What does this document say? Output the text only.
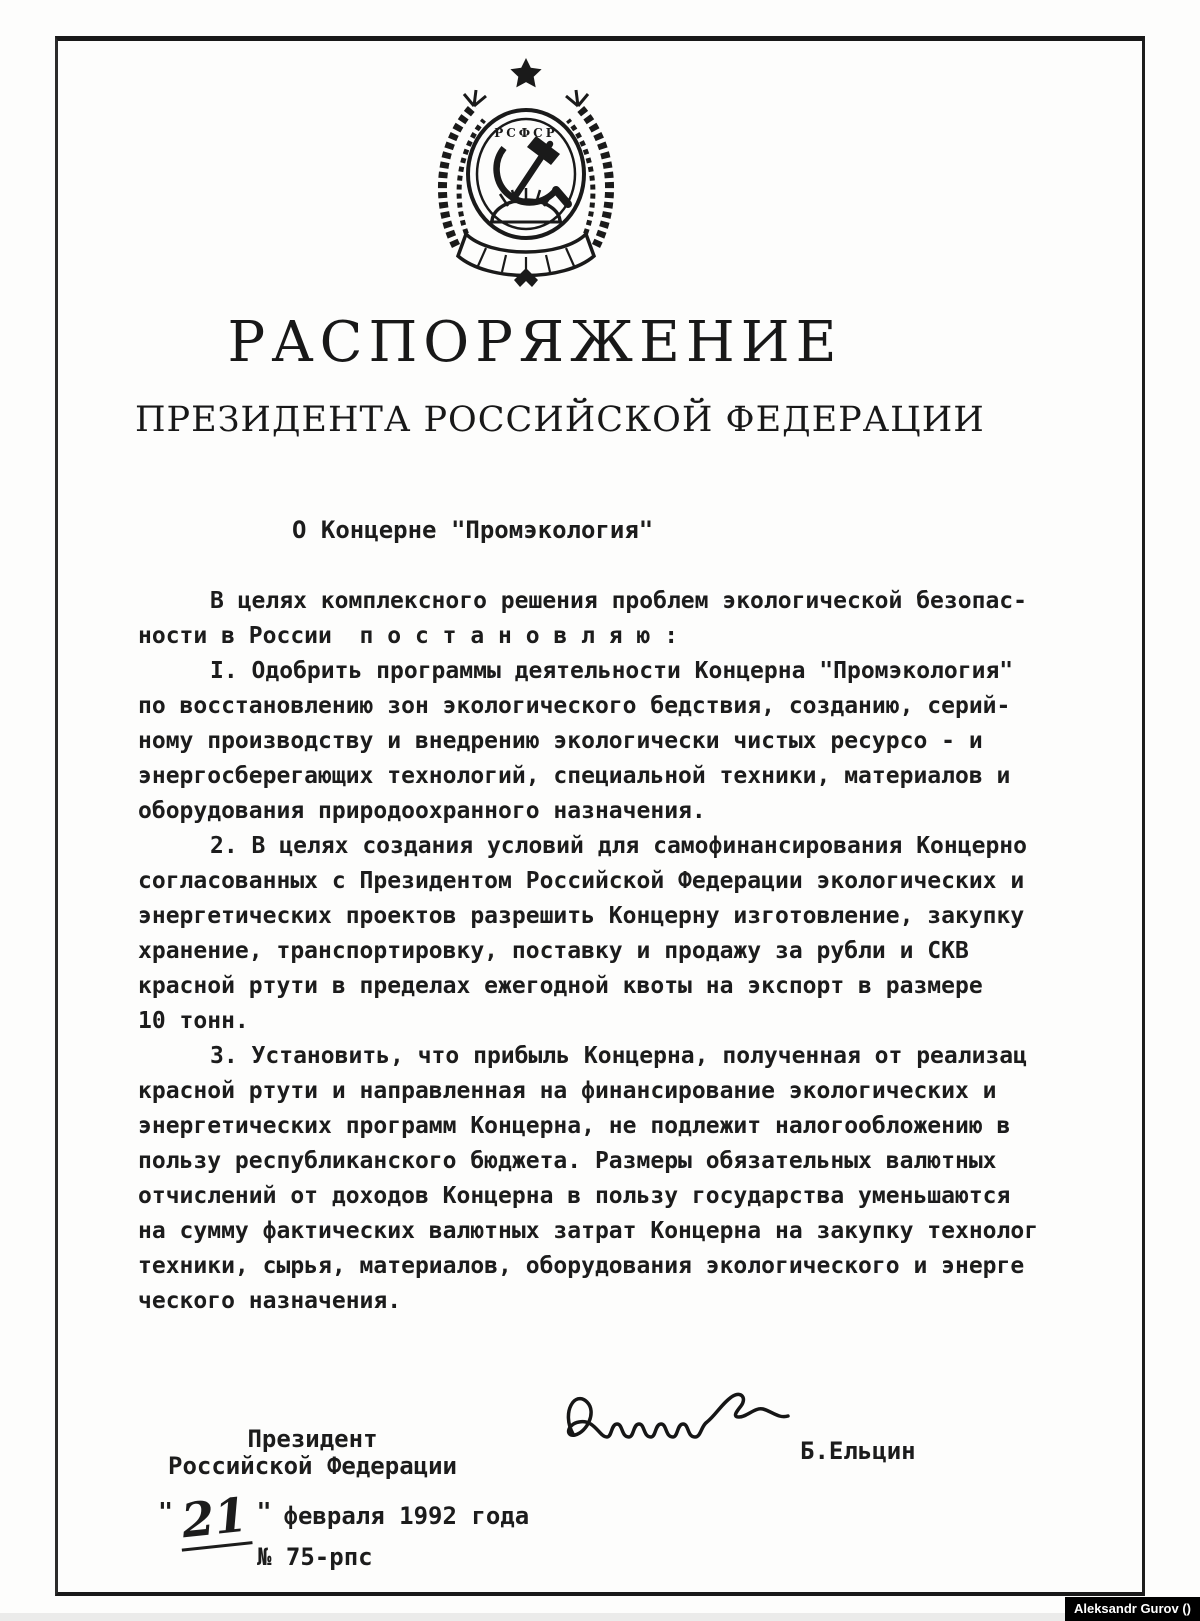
РСФСР
РАСПОРЯЖЕНИЕ
ПРЕЗИДЕНТА РОССИЙСКОЙ ФЕДЕРАЦИИ
О Концерне "Промэкология"
В целях комплексного решения проблем экологической безопас-
ности в России  п о с т а н о в л я ю :
I. Одобрить программы деятельности Концерна "Промэкология"
по восстановлению зон экологического бедствия, созданию, серий-
ному производству и внедрению экологически чистых ресурсо - и
энергосберегающих технологий, специальной техники, материалов и
оборудования природоохранного назначения.
2. В целях создания условий для самофинансирования Концерно
согласованных с Президентом Российской Федерации экологических и
энергетических проектов разрешить Концерну изготовление, закупку
хранение, транспортировку, поставку и продажу за рубли и СКВ
красной ртути в пределах ежегодной квоты на экспорт в размере
10 тонн.
3. Установить, что прибыль Концерна, полученная от реализац
красной ртути и направленная на финансирование экологических и
энергетических программ Концерна, не подлежит налогообложению в
пользу республиканского бюджета. Размеры обязательных валютных
отчислений от доходов Концерна в пользу государства уменьшаются
на сумму фактических валютных затрат Концерна на закупку технолог
техники, сырья, материалов, оборудования экологического и энерге
ческого назначения.
Президент
Российской Федерации
Б.Ельцин
" 21 " февраля 1992 года
№ 75-рпс
Aleksandr Gurov ()
